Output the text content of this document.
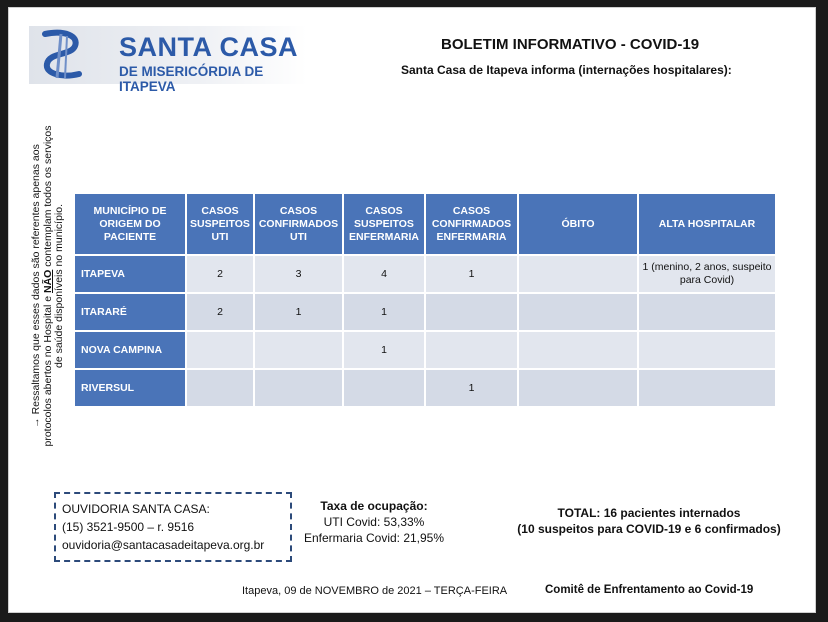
SANTA CASA
DE MISERICÓRDIA DE ITAPEVA
BOLETIM INFORMATIVO - COVID-19
Santa Casa de Itapeva informa (internações hospitalares):
→ Ressaltamos que esses dados são referentes apenas aos protocolos abertos no Hospital e NÃO contemplam todos os serviços de saúde disponíveis no município.	MUNICÍPIO DE ORIGEM DO PACIENTE	CASOS SUSPEITOS UTI	CASOS CONFIRMADOS UTI	CASOS SUSPEITOS ENFERMARIA	CASOS CONFIRMADOS ENFERMARIA	ÓBITO	ALTA HOSPITALAR
ITAPEVA	2	3	4	1		1 (menino, 2 anos, suspeito para Covid)
ITARARÉ	2	1	1			
NOVA CAMPINA			1			
RIVERSUL				1		
OUVIDORIA SANTA CASA:
(15) 3521-9500 – r. 9516
ouvidoria@santacasadeitapeva.org.br
Taxa de ocupação:
UTI Covid: 53,33%
Enfermaria Covid: 21,95%
TOTAL: 16 pacientes internados
(10 suspeitos para COVID-19 e 6 confirmados)
Itapeva, 09 de NOVEMBRO de 2021 – TERÇA-FEIRA	Comitê de Enfrentamento ao Covid-19
